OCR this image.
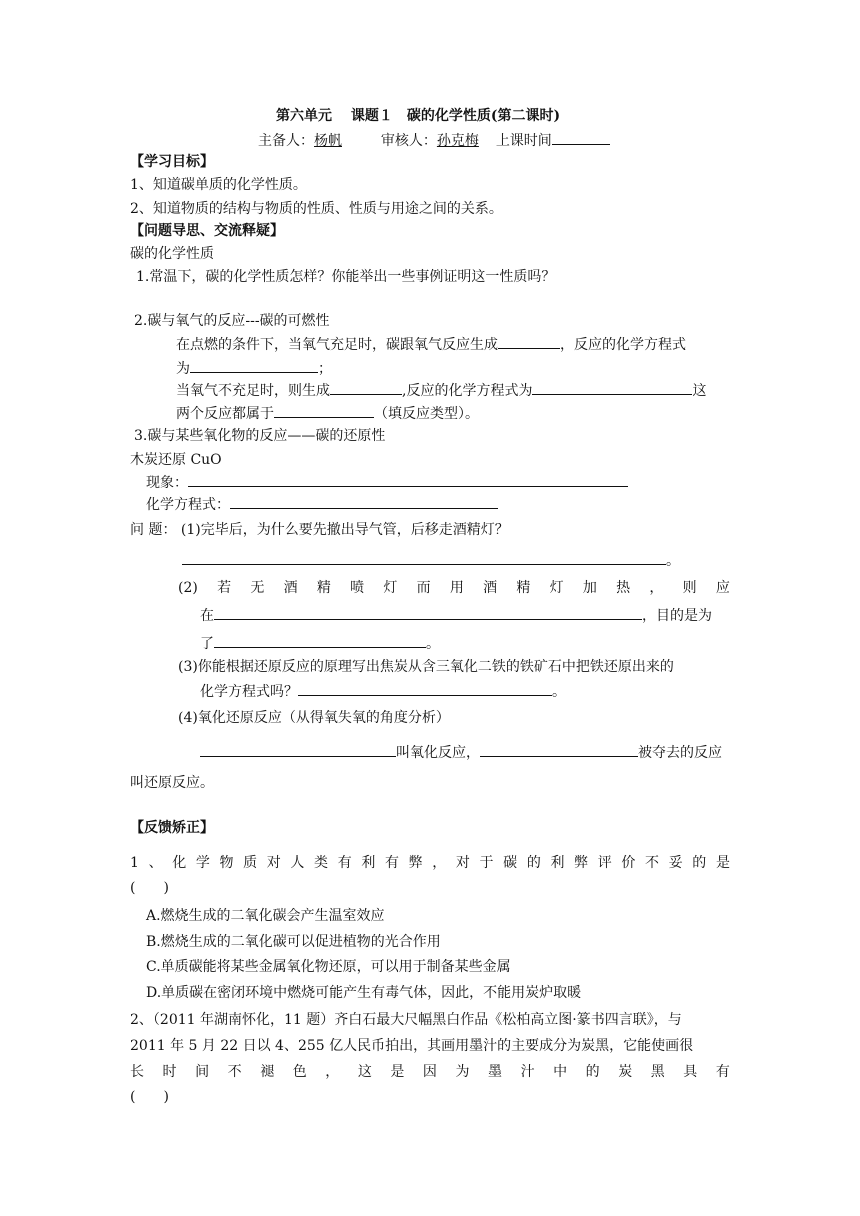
第六单元　 课题１　碳的化学性质(第二课时)
主备人：杨帆	审核人：孙克梅 上课时间
【学习目标】
1、知道碳单质的化学性质。
2、知道物质的结构与物质的性质、性质与用途之间的关系。
【问题导思、交流释疑】
碳的化学性质
1.常温下，碳的化学性质怎样？你能举出一些事例证明这一性质吗？
2.碳与氧气的反应---碳的可燃性
在点燃的条件下，当氧气充足时，碳跟氧气反应生成	，反应的化学方程式
为	；
当氧气不充足时，则生成	,反应的化学方程式为	这
两个反应都属于	（填反应类型）。
3.碳与某些氧化物的反应——碳的还原性
木炭还原 CuO
现象：
化学方程式：
问 题： (1)完毕后，为什么要先撤出导气管，后移走酒精灯？
。
(2) 若 无 酒 精 喷 灯 而 用 酒 精 灯 加 热 ， 则 应
在	，目的是为
了	。
(3)你能根据还原反应的原理写出焦炭从含三氧化二铁的铁矿石中把铁还原出来的
化学方程式吗？	。
(4)氧化还原反应（从得氧失氧的角度分析）
叫氧化反应，	被夺去的反应
叫还原反应。
【反馈矫正】
1 、 化 学 物 质 对 人 类 有 利 有 弊 ， 对 于 碳 的 利 弊 评 价 不 妥 的 是
(　　)
A.燃烧生成的二氧化碳会产生温室效应
B.燃烧生成的二氧化碳可以促进植物的光合作用
C.单质碳能将某些金属氧化物还原，可以用于制备某些金属
D.单质碳在密闭环境中燃烧可能产生有毒气体，因此，不能用炭炉取暖
2、（2011 年湖南怀化，11 题）齐白石最大尺幅黑白作品《松柏高立图·篆书四言联》，与
2011 年 5 月 22 日以 4、255 亿人民币拍出，其画用墨汁的主要成分为炭黑，它能使画很
长 时 间 不 褪 色 ， 这 是 因 为 墨 汁 中 的 炭 黑 具 有
(　　)
